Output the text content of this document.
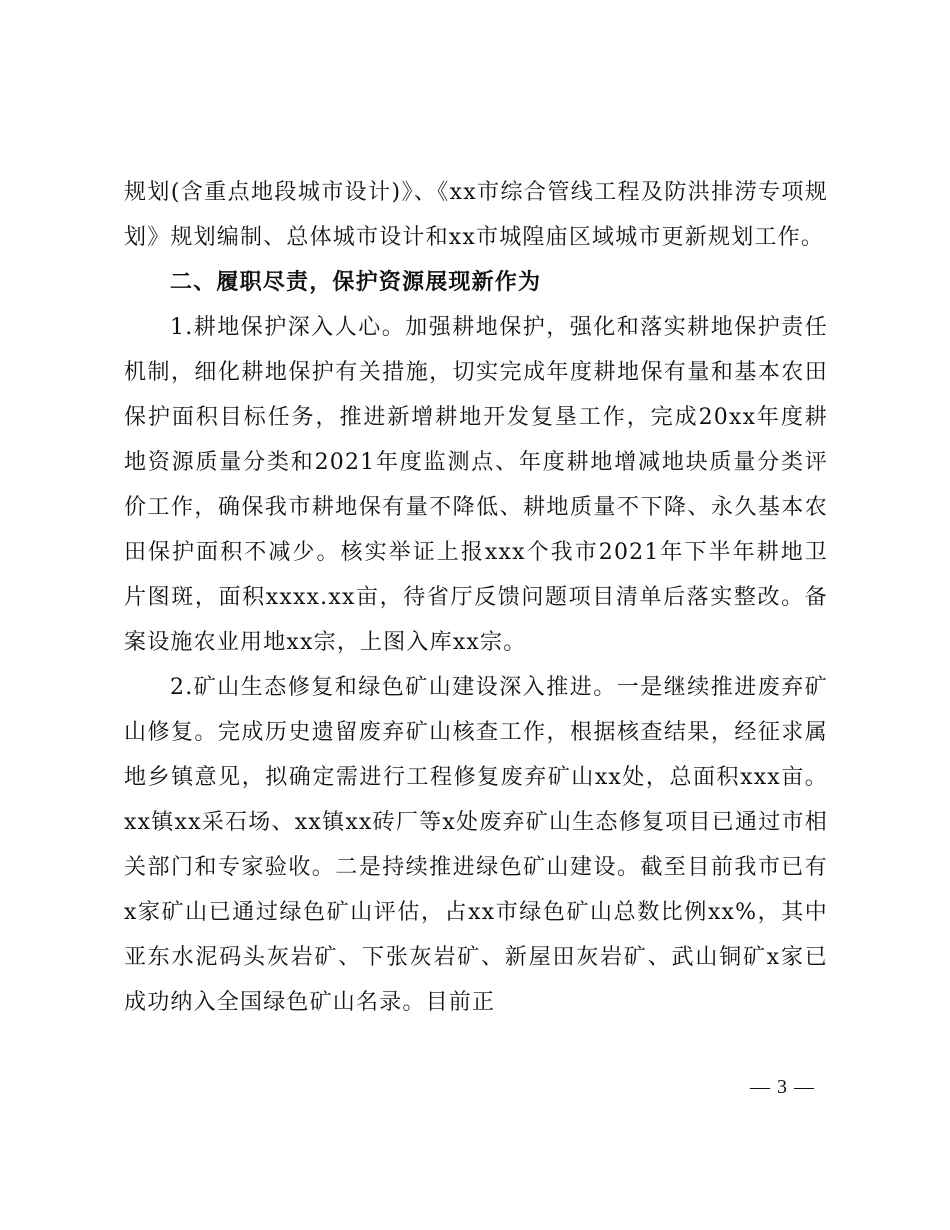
规划(含重点地段城市设计)》、《xx市综合管线工程及防洪排涝专项规划》规划编制、总体城市设计和xx市城隍庙区域城市更新规划工作。

二、履职尽责，保护资源展现新作为

1.耕地保护深入人心。加强耕地保护，强化和落实耕地保护责任机制，细化耕地保护有关措施，切实完成年度耕地保有量和基本农田保护面积目标任务，推进新增耕地开发复垦工作，完成20xx年度耕地资源质量分类和2021年度监测点、年度耕地增减地块质量分类评价工作，确保我市耕地保有量不降低、耕地质量不下降、永久基本农田保护面积不减少。核实举证上报xxx个我市2021年下半年耕地卫片图斑，面积xxxx.xx亩，待省厅反馈问题项目清单后落实整改。备案设施农业用地xx宗，上图入库xx宗。

2.矿山生态修复和绿色矿山建设深入推进。一是继续推进废弃矿山修复。完成历史遗留废弃矿山核查工作，根据核查结果，经征求属地乡镇意见，拟确定需进行工程修复废弃矿山xx处，总面积xxx亩。xx镇xx采石场、xx镇xx砖厂等x处废弃矿山生态修复项目已通过市相关部门和专家验收。二是持续推进绿色矿山建设。截至目前我市已有x家矿山已通过绿色矿山评估，占xx市绿色矿山总数比例xx%，其中亚东水泥码头灰岩矿、下张灰岩矿、新屋田灰岩矿、武山铜矿x家已成功纳入全国绿色矿山名录。目前正

— 3 —
